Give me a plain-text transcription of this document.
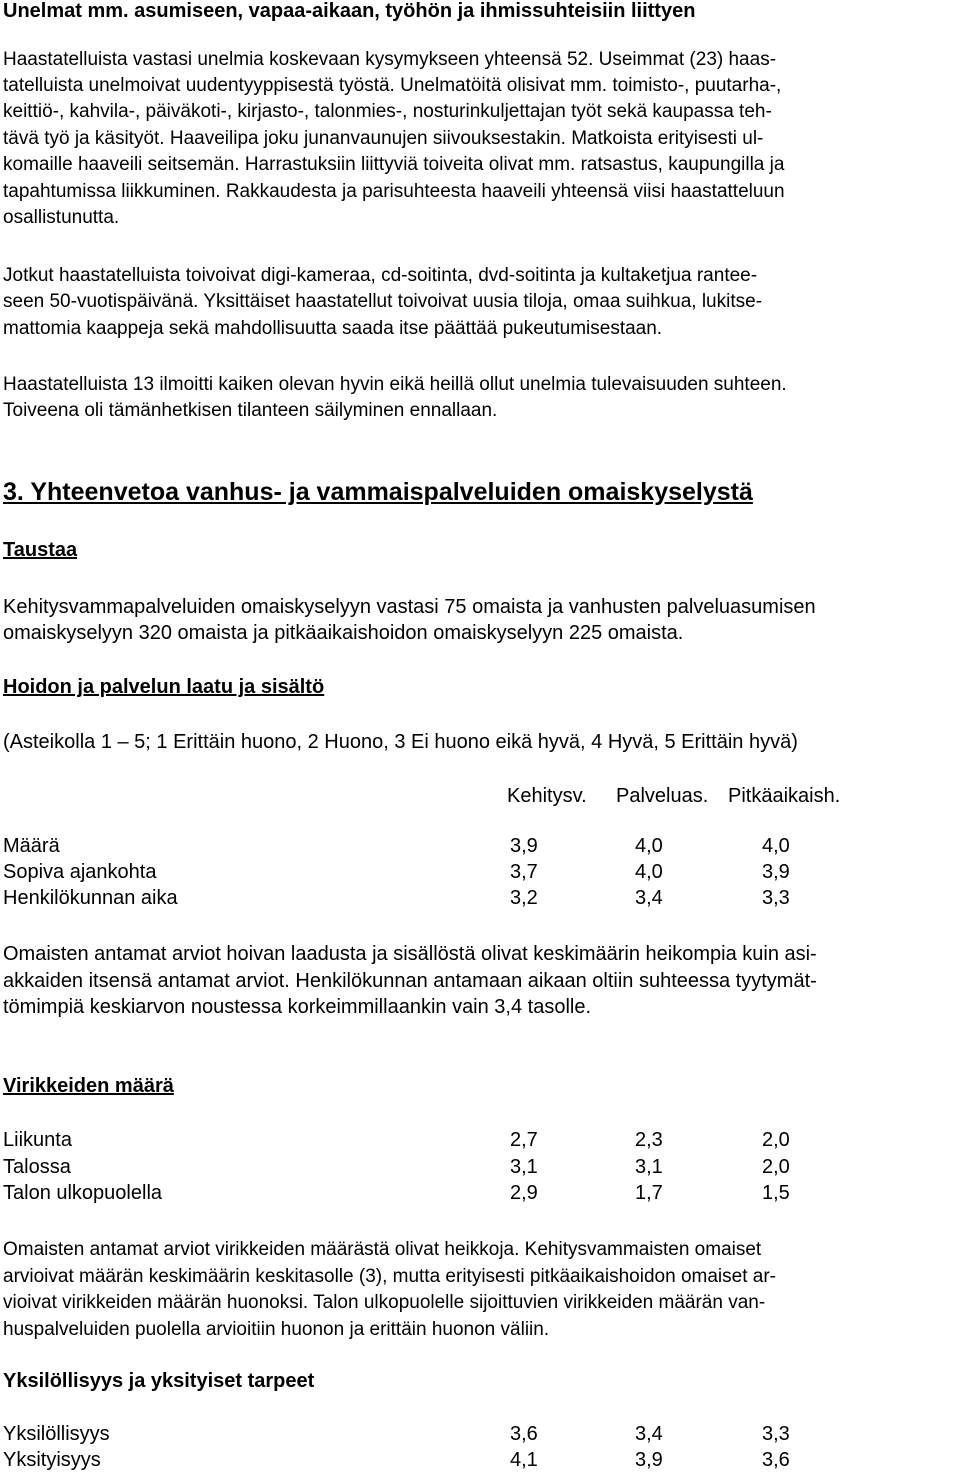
Unelmat mm. asumiseen, vapaa-aikaan, työhön ja ihmissuhteisiin liittyen
Haastatelluista vastasi unelmia koskevaan kysymykseen yhteensä 52. Useimmat (23) haas-
tatelluista unelmoivat uudentyyppisestä työstä. Unelmatöitä olisivat mm. toimisto-, puutarha-,
keittiö-, kahvila-, päiväkoti-, kirjasto-, talonmies-, nosturinkuljettajan työt sekä kaupassa teh-
tävä työ ja käsityöt. Haaveilipa joku junanvaunujen siivouksestakin. Matkoista erityisesti ul-
komaille haaveili seitsemän. Harrastuksiin liittyviä toiveita olivat mm. ratsastus, kaupungilla ja
tapahtumissa liikkuminen. Rakkaudesta ja parisuhteesta haaveili yhteensä viisi haastatteluun
osallistunutta.
Jotkut haastatelluista toivoivat digi-kameraa, cd-soitinta, dvd-soitinta ja kultaketjua rantee-
seen 50-vuotispäivänä. Yksittäiset haastatellut toivoivat uusia tiloja, omaa suihkua, lukitse-
mattomia kaappeja sekä mahdollisuutta saada itse päättää pukeutumisestaan.
Haastatelluista 13 ilmoitti kaiken olevan hyvin eikä heillä ollut unelmia tulevaisuuden suhteen.
Toiveena oli tämänhetkisen tilanteen säilyminen ennallaan.
3. Yhteenvetoa vanhus- ja vammaispalveluiden omaiskyselystä
Taustaa
Kehitysvammapalveluiden omaiskyselyyn vastasi 75 omaista ja vanhusten palveluasumisen
omaiskyselyyn 320 omaista ja pitkäaikaishoidon omaiskyselyyn 225 omaista.
Hoidon ja palvelun laatu ja sisältö
(Asteikolla 1 – 5; 1 Erittäin huono, 2 Huono, 3 Ei huono eikä hyvä, 4 Hyvä, 5 Erittäin hyvä)
Kehitysv. Palveluas. Pitkäaikaish.
Määrä	3,9	4,0	4,0
Sopiva ajankohta	3,7	4,0	3,9
Henkilökunnan aika	3,2	3,4	3,3
Omaisten antamat arviot hoivan laadusta ja sisällöstä olivat keskimäärin heikompia kuin asi-
akkaiden itsensä antamat arviot. Henkilökunnan antamaan aikaan oltiin suhteessa tyytymät-
tömimpiä keskiarvon noustessa korkeimmillaankin vain 3,4 tasolle.
Virikkeiden määrä
Liikunta	2,7	2,3	2,0
Talossa	3,1	3,1	2,0
Talon ulkopuolella	2,9	1,7	1,5
Omaisten antamat arviot virikkeiden määrästä olivat heikkoja. Kehitysvammaisten omaiset
arvioivat määrän keskimäärin keskitasolle (3), mutta erityisesti pitkäaikaishoidon omaiset ar-
vioivat virikkeiden määrän huonoksi. Talon ulkopuolelle sijoittuvien virikkeiden määrän van-
huspalveluiden puolella arvioitiin huonon ja erittäin huonon väliin.
Yksilöllisyys ja yksityiset tarpeet
Yksilöllisyys	3,6	3,4	3,3
Yksityisyys	4,1	3,9	3,6
